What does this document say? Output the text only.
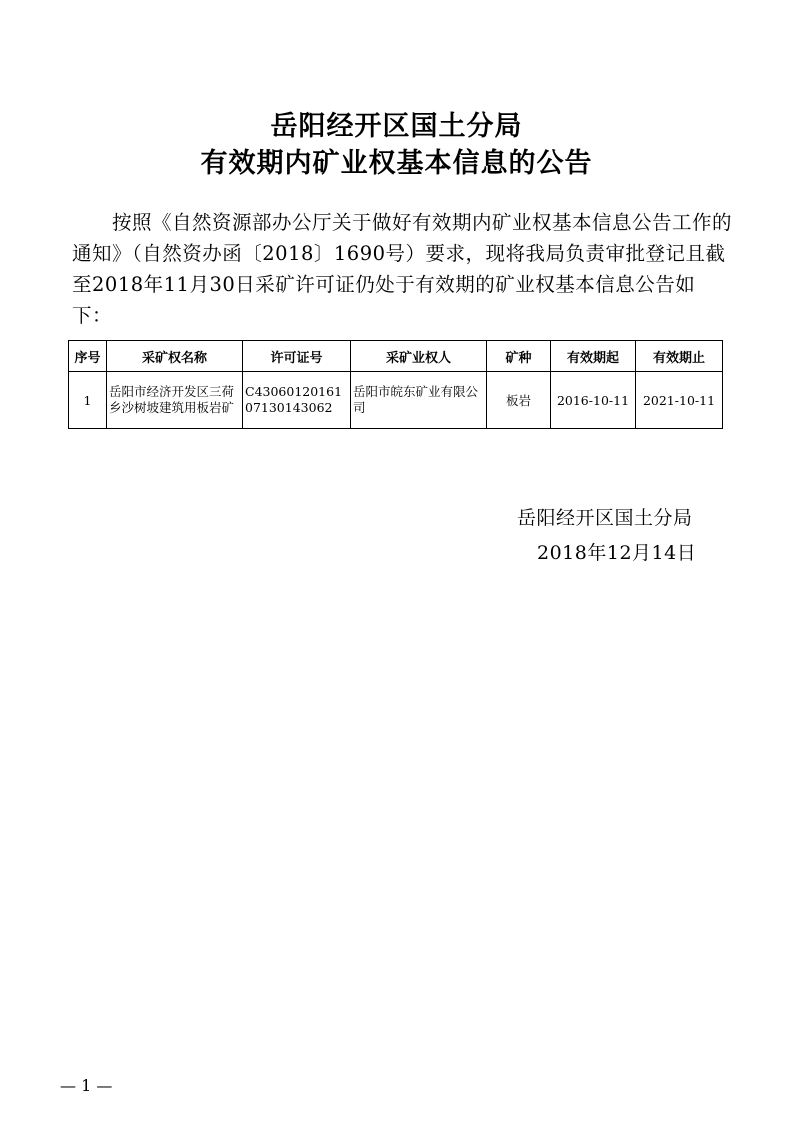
岳阳经开区国土分局
有效期内矿业权基本信息的公告
按照《自然资源部办公厅关于做好有效期内矿业权基本信息公告工作的通知》（自然资办函〔2018〕1690号）要求，现将我局负责审批登记且截至2018年11月30日采矿许可证仍处于有效期的矿业权基本信息公告如下：
序号	采矿权名称	许可证号	采矿业权人	矿种	有效期起	有效期止
1	岳阳市经济开发区三荷乡沙树坡建筑用板岩矿	C4306012016107130143062	岳阳市皖东矿业有限公司	板岩	2016-10-11	2021-10-11
岳阳经开区国土分局
2018年12月14日
— 1 —
